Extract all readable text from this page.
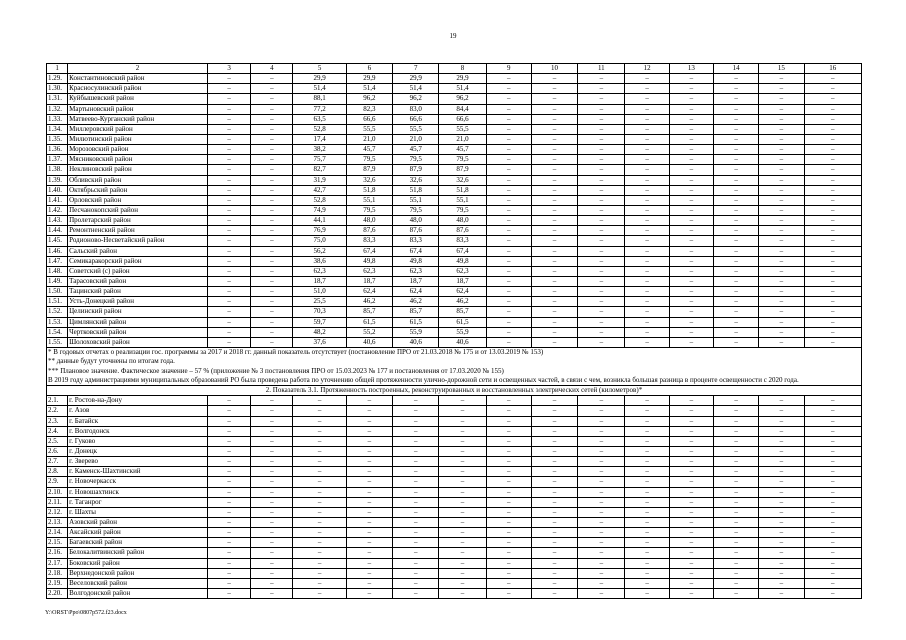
19
1	2	3	4	5	6	7	8	9	10	11	12	13	14	15	16
1.29.	Константиновский район	–	–	29,9	29,9	29,9	29,9	–	–	–	–	–	–	–	–
1.30.	Красносулинский район	–	–	51,4	51,4	51,4	51,4	–	–	–	–	–	–	–	–
1.31.	Куйбышевский район	–	–	88,1	96,2	96,2	96,2	–	–	–	–	–	–	–	–
1.32.	Мартыновский район	–	–	77,2	82,3	83,0	84,4	–	–	–	–	–	–	–	–
1.33.	Матвеево-Курганский район	–	–	63,5	66,6	66,6	66,6	–	–	–	–	–	–	–	–
1.34.	Миллеровский район	–	–	52,8	55,5	55,5	55,5	–	–	–	–	–	–	–	–
1.35.	Милютинский район	–	–	17,4	21,0	21,0	21,0	–	–	–	–	–	–	–	–
1.36.	Морозовский район	–	–	38,2	45,7	45,7	45,7	–	–	–	–	–	–	–	–
1.37.	Мясниковский район	–	–	75,7	79,5	79,5	79,5	–	–	–	–	–	–	–	–
1.38.	Неклиновский район	–	–	82,7	87,9	87,9	87,9	–	–	–	–	–	–	–	–
1.39.	Обливский район	–	–	31,9	32,6	32,6	32,6	–	–	–	–	–	–	–	–
1.40.	Октябрьский район	–	–	42,7	51,8	51,8	51,8	–	–	–	–	–	–	–	–
1.41.	Орловский район	–	–	52,8	55,1	55,1	55,1	–	–	–	–	–	–	–	–
1.42.	Песчанокопский район	–	–	74,9	79,5	79,5	79,5	–	–	–	–	–	–	–	–
1.43.	Пролетарский район	–	–	44,1	48,0	48,0	48,0	–	–	–	–	–	–	–	–
1.44.	Ремонтненский район	–	–	76,9	87,6	87,6	87,6	–	–	–	–	–	–	–	–
1.45.	Родионово-Несветайский район	–	–	75,0	83,3	83,3	83,3	–	–	–	–	–	–	–	–
1.46.	Сальский район	–	–	56,2	67,4	67,4	67,4	–	–	–	–	–	–	–	–
1.47.	Семикаракорский район	–	–	38,6	49,8	49,8	49,8	–	–	–	–	–	–	–	–
1.48.	Советский (с) район	–	–	62,3	62,3	62,3	62,3	–	–	–	–	–	–	–	–
1.49.	Тарасовский район	–	–	18,7	18,7	18,7	18,7	–	–	–	–	–	–	–	–
1.50.	Тацинский район	–	–	51,0	62,4	62,4	62,4	–	–	–	–	–	–	–	–
1.51.	Усть-Донецкий район	–	–	25,5	46,2	46,2	46,2	–	–	–	–	–	–	–	–
1.52.	Целинский район	–	–	70,3	85,7	85,7	85,7	–	–	–	–	–	–	–	–
1.53.	Цимлянский район	–	–	59,7	61,5	61,5	61,5	–	–	–	–	–	–	–	–
1.54.	Чертковский район	–	–	48,2	55,2	55,9	55,9	–	–	–	–	–	–	–	–
1.55.	Шолоховский район	–	–	37,6	40,6	40,6	40,6	–	–	–	–	–	–	–	–

* В годовых отчетах о реализации гос. программы за 2017 и 2018 гг. данный показатель отсутствует (постановление ПРО от 21.03.2018 № 175 и от 13.03.2019 № 153)
** данные будут уточнены по итогам года.
*** Плановое значение. Фактическое значение – 57 % (приложение № 3 постановления ПРО от 15.03.2023 № 177 и постановления от 17.03.2020 № 155)
В 2019 году администрациями муниципальных образований РО была проведена работа по уточнению общей протяженности улично-дорожной сети и освещенных частей, в связи с чем, возникла большая разница в проценте освещенности с 2020 года.															

2. Показатель 3.1. Протяженность построенных, реконструированных и восстановленных электрических сетей (километров)*															
2.1.	г. Ростов-на-Дону	–	–	–	–	–	–	–	–	–	–	–	–	–	–
2.2.	г. Азов	–	–	–	–	–	–	–	–	–	–	–	–	–	–
2.3.	г. Батайск	–	–	–	–	–	–	–	–	–	–	–	–	–	–
2.4.	г. Волгодонск	–	–	–	–	–	–	–	–	–	–	–	–	–	–
2.5.	г. Гуково	–	–	–	–	–	–	–	–	–	–	–	–	–	–
2.6.	г. Донецк	–	–	–	–	–	–	–	–	–	–	–	–	–	–
2.7.	г. Зверево	–	–	–	–	–	–	–	–	–	–	–	–	–	–
2.8.	г. Каменск-Шахтинский	–	–	–	–	–	–	–	–	–	–	–	–	–	–
2.9.	г. Новочеркасск	–	–	–	–	–	–	–	–	–	–	–	–	–	–
2.10.	г. Новошахтинск	–	–	–	–	–	–	–	–	–	–	–	–	–	–
2.11.	г. Таганрог	–	–	–	–	–	–	–	–	–	–	–	–	–	–
2.12.	г. Шахты	–	–	–	–	–	–	–	–	–	–	–	–	–	–
2.13.	Азовский район	–	–	–	–	–	–	–	–	–	–	–	–	–	–
2.14.	Аксайский район	–	–	–	–	–	–	–	–	–	–	–	–	–	–
2.15.	Багаевский район	–	–	–	–	–	–	–	–	–	–	–	–	–	–
2.16.	Белокалитвинский район	–	–	–	–	–	–	–	–	–	–	–	–	–	–
2.17.	Боковский район	–	–	–	–	–	–	–	–	–	–	–	–	–	–
2.18.	Верхнедонской район	–	–	–	–	–	–	–	–	–	–	–	–	–	–
2.19.	Веселовский район	–	–	–	–	–	–	–	–	–	–	–	–	–	–
2.20.	Волгодонской район	–	–	–	–	–	–	–	–	–	–	–	–	–	–
Y:\ORST\Ppo\0807p572.f23.docx
